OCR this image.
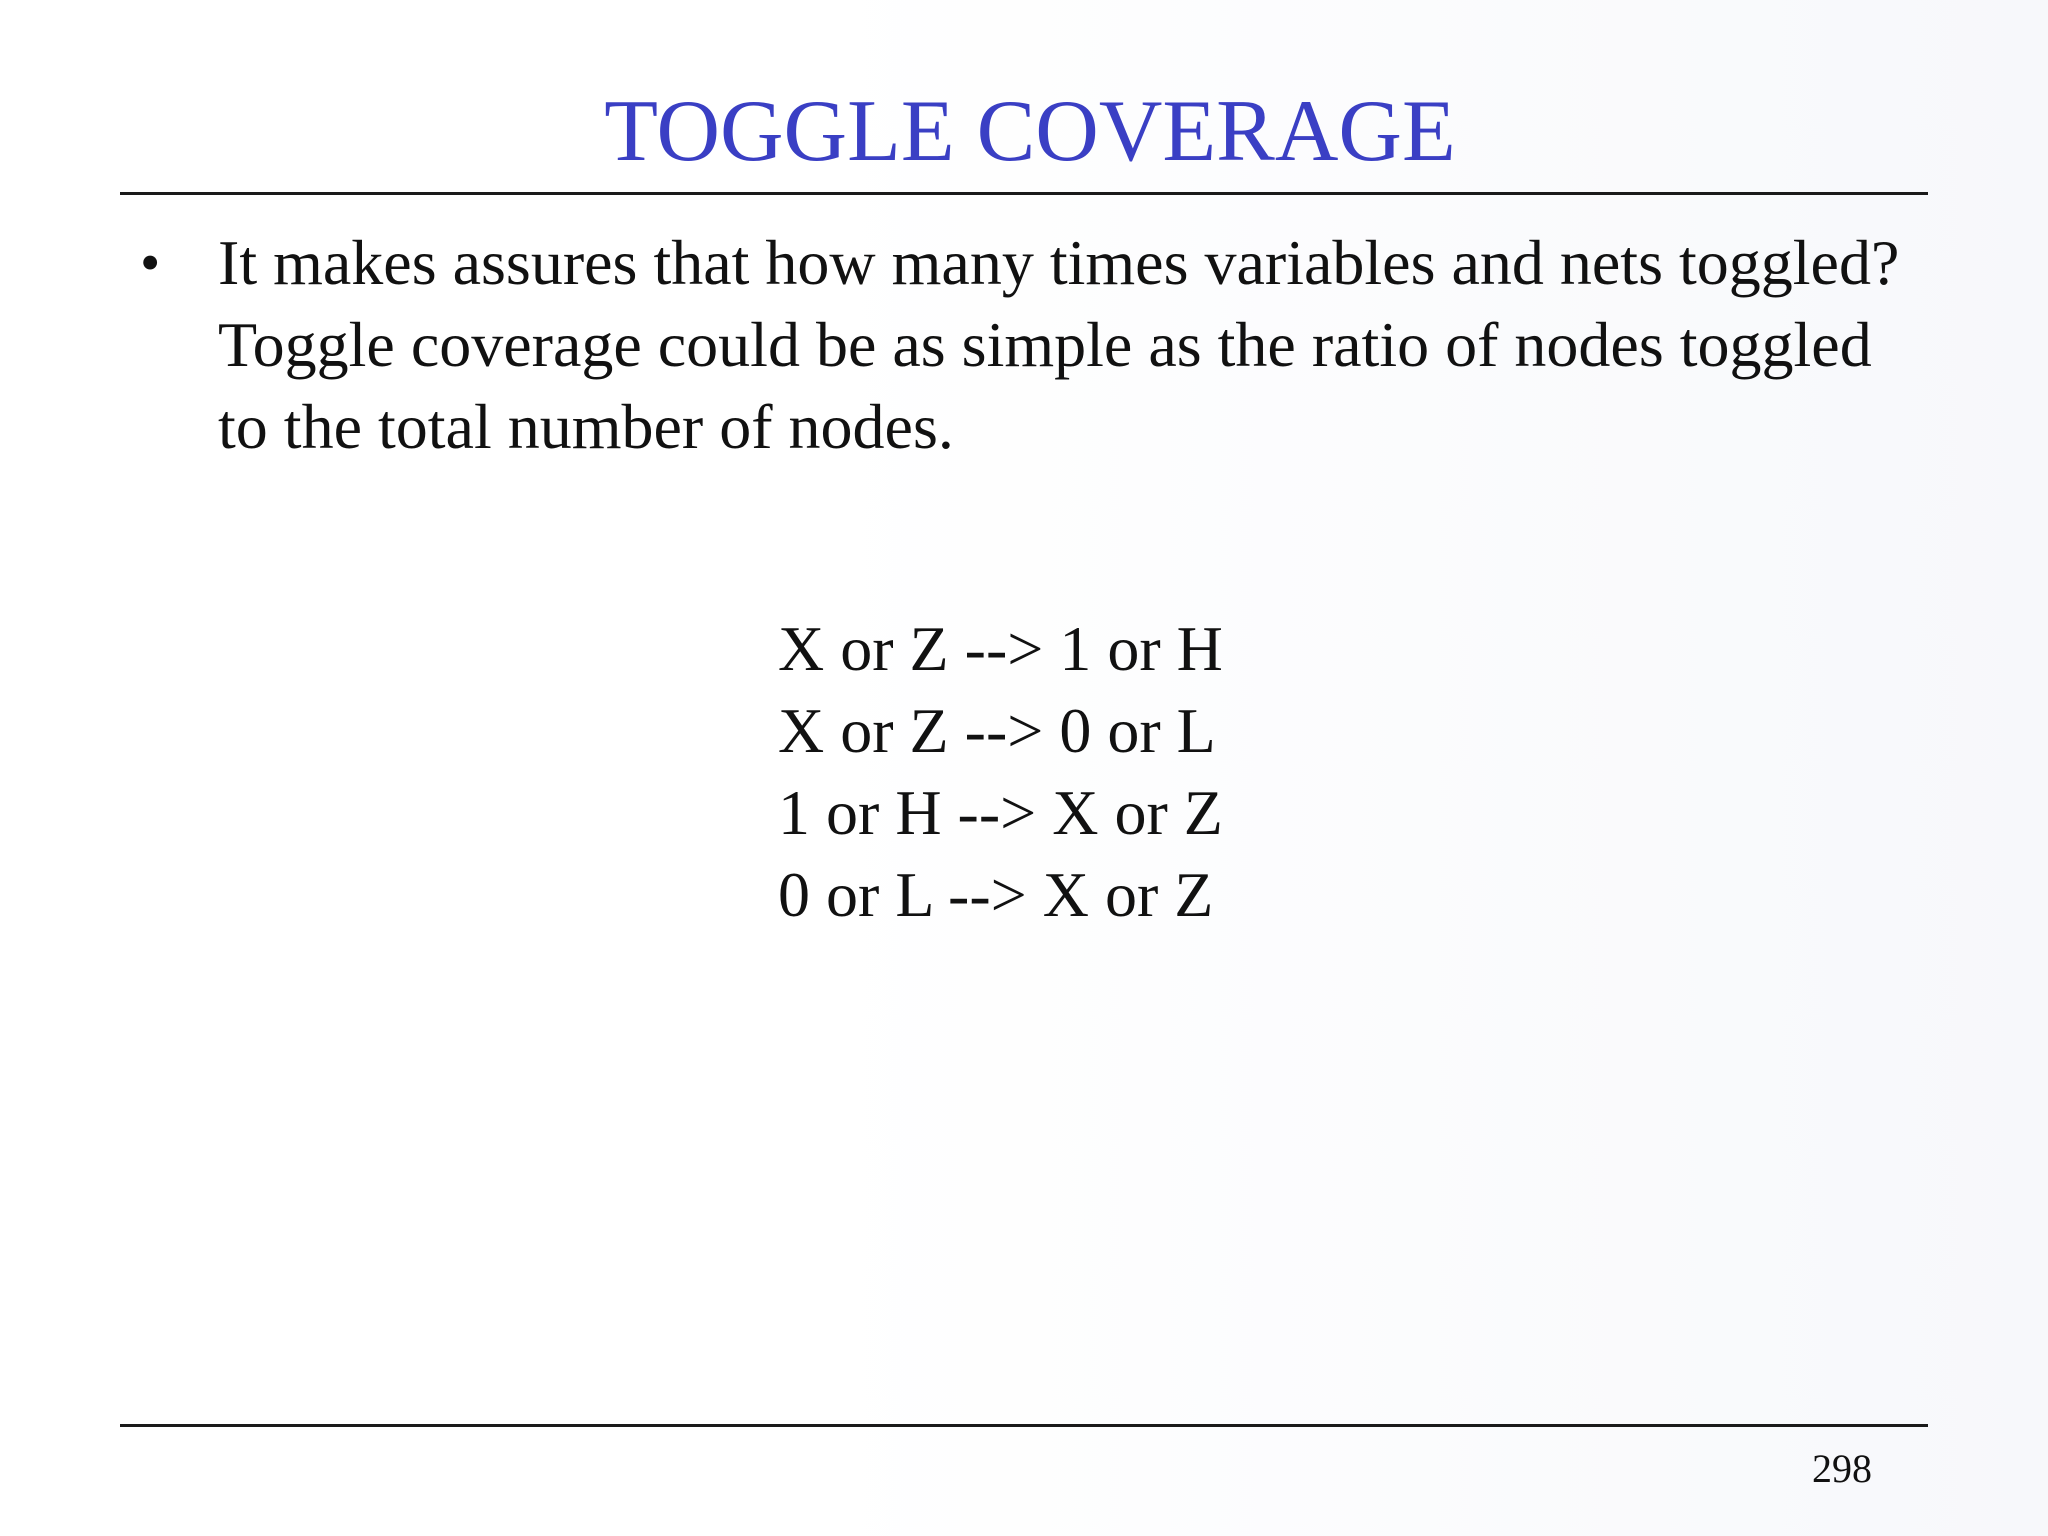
TOGGLE COVERAGE
• It makes assures that how many times variables and nets toggled? Toggle coverage could be as simple as the ratio of nodes toggled to the total number of nodes.
X or Z --> 1 or H
X or Z --> 0 or L
1 or H --> X or Z
0 or L --> X or Z
298
